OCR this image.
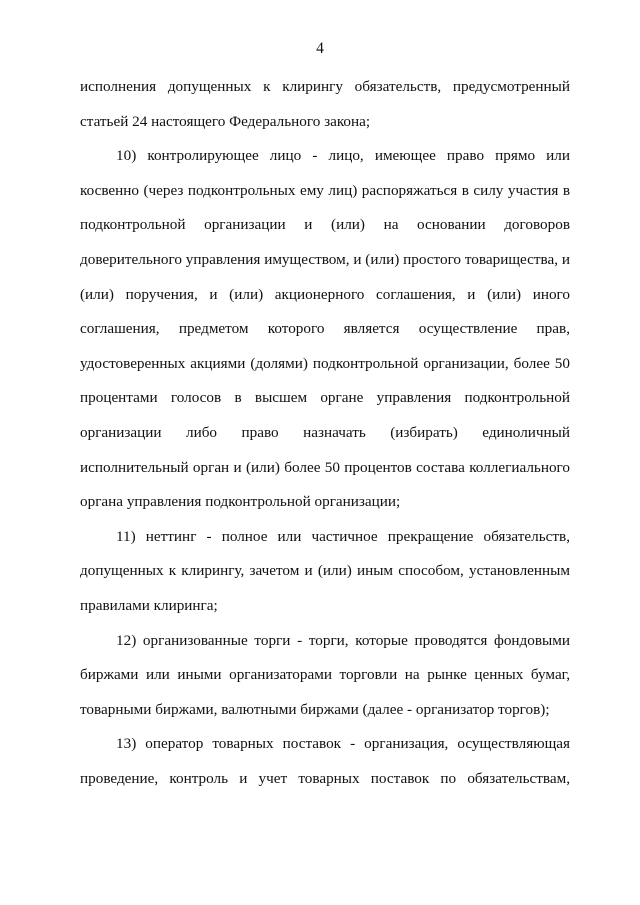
4
исполнения допущенных к клирингу обязательств, предусмотренный
статьей 24 настоящего Федерального закона;
10) контролирующее лицо - лицо, имеющее право прямо или
косвенно (через подконтрольных ему лиц) распоряжаться в силу участия в
подконтрольной организации и (или) на основании договоров
доверительного управления имуществом, и (или) простого товарищества, и
(или) поручения, и (или) акционерного соглашения, и (или) иного
соглашения, предметом которого является осуществление прав,
удостоверенных акциями (долями) подконтрольной организации, более 50
процентами голосов в высшем органе управления подконтрольной
организации либо право назначать (избирать) единоличный
исполнительный орган и (или) более 50 процентов состава коллегиального
органа управления подконтрольной организации;
11) неттинг - полное или частичное прекращение обязательств,
допущенных к клирингу, зачетом и (или) иным способом, установленным
правилами клиринга;
12) организованные торги - торги, которые проводятся фондовыми
биржами или иными организаторами торговли на рынке ценных бумаг,
товарными биржами, валютными биржами (далее - организатор торгов);
13) оператор товарных поставок - организация, осуществляющая
проведение, контроль и учет товарных поставок по обязательствам,
